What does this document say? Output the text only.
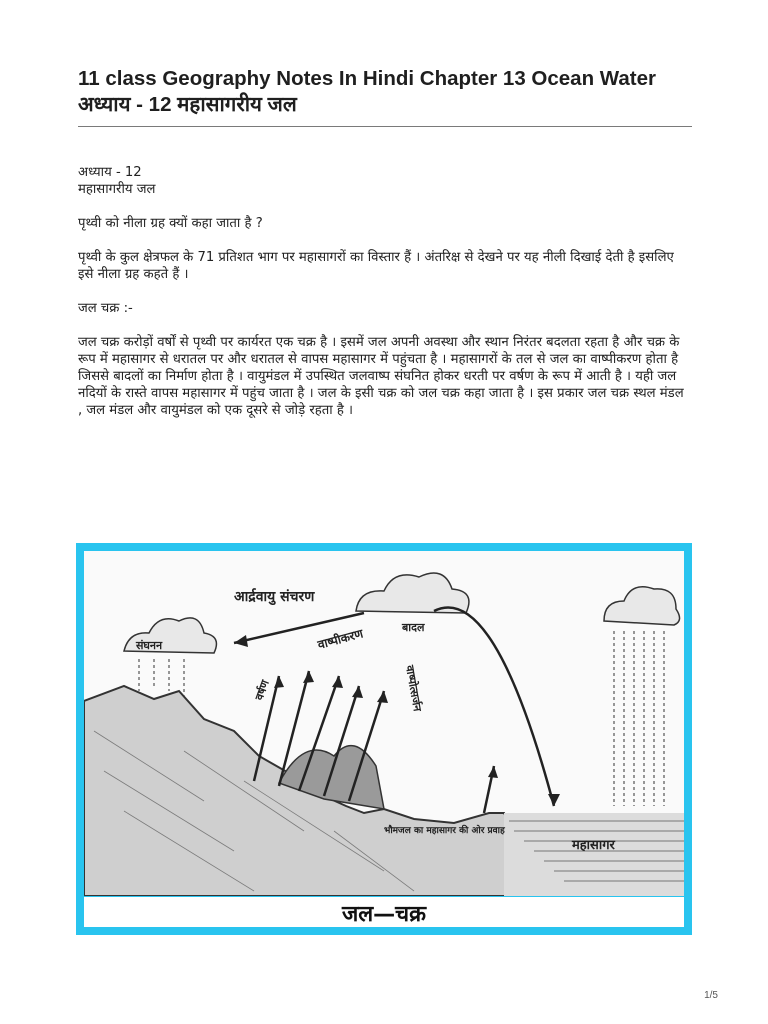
11 class Geography Notes In Hindi Chapter 13 Ocean Water अध्याय - 12 महासागरीय जल

अध्याय - 12

महासागरीय जल

पृथ्वी को नीला ग्रह क्यों कहा जाता है ?

पृथ्वी के कुल क्षेत्रफल के 71 प्रतिशत भाग पर महासागरों का विस्तार हैं । अंतरिक्ष से देखने पर यह नीली दिखाई देती है इसलिए इसे नीला ग्रह कहते हैं ।

जल चक्र :-

जल चक्र करोड़ों वर्षों से पृथ्वी पर कार्यरत एक चक्र है । इसमें जल अपनी अवस्था और स्थान निरंतर बदलता रहता है और चक्र के रूप में महासागर से धरातल पर और धरातल से वापस महासागर में पहुंचता है । महासागरों के तल से जल का वाष्पीकरण होता है जिससे बादलों का निर्माण होता है । वायुमंडल में उपस्थित जलवाष्प संघनित होकर धरती पर वर्षण के रूप में आती है । यही जल नदियों के रास्ते वापस महासागर में पहुंच जाता है । जल के इसी चक्र को जल चक्र कहा जाता है । इस प्रकार जल चक्र स्थल मंडल , जल मंडल और वायुमंडल को एक दूसरे से जोड़े रहता है ।

आर्द्रवायु संचरण
बादल
संघनन	वाष्पीकरण
वर्षण	वाष्पोत्सर्जन
महासागर
भौमजल का महासागर की ओर प्रवाह
जल—चक्र
1/5
